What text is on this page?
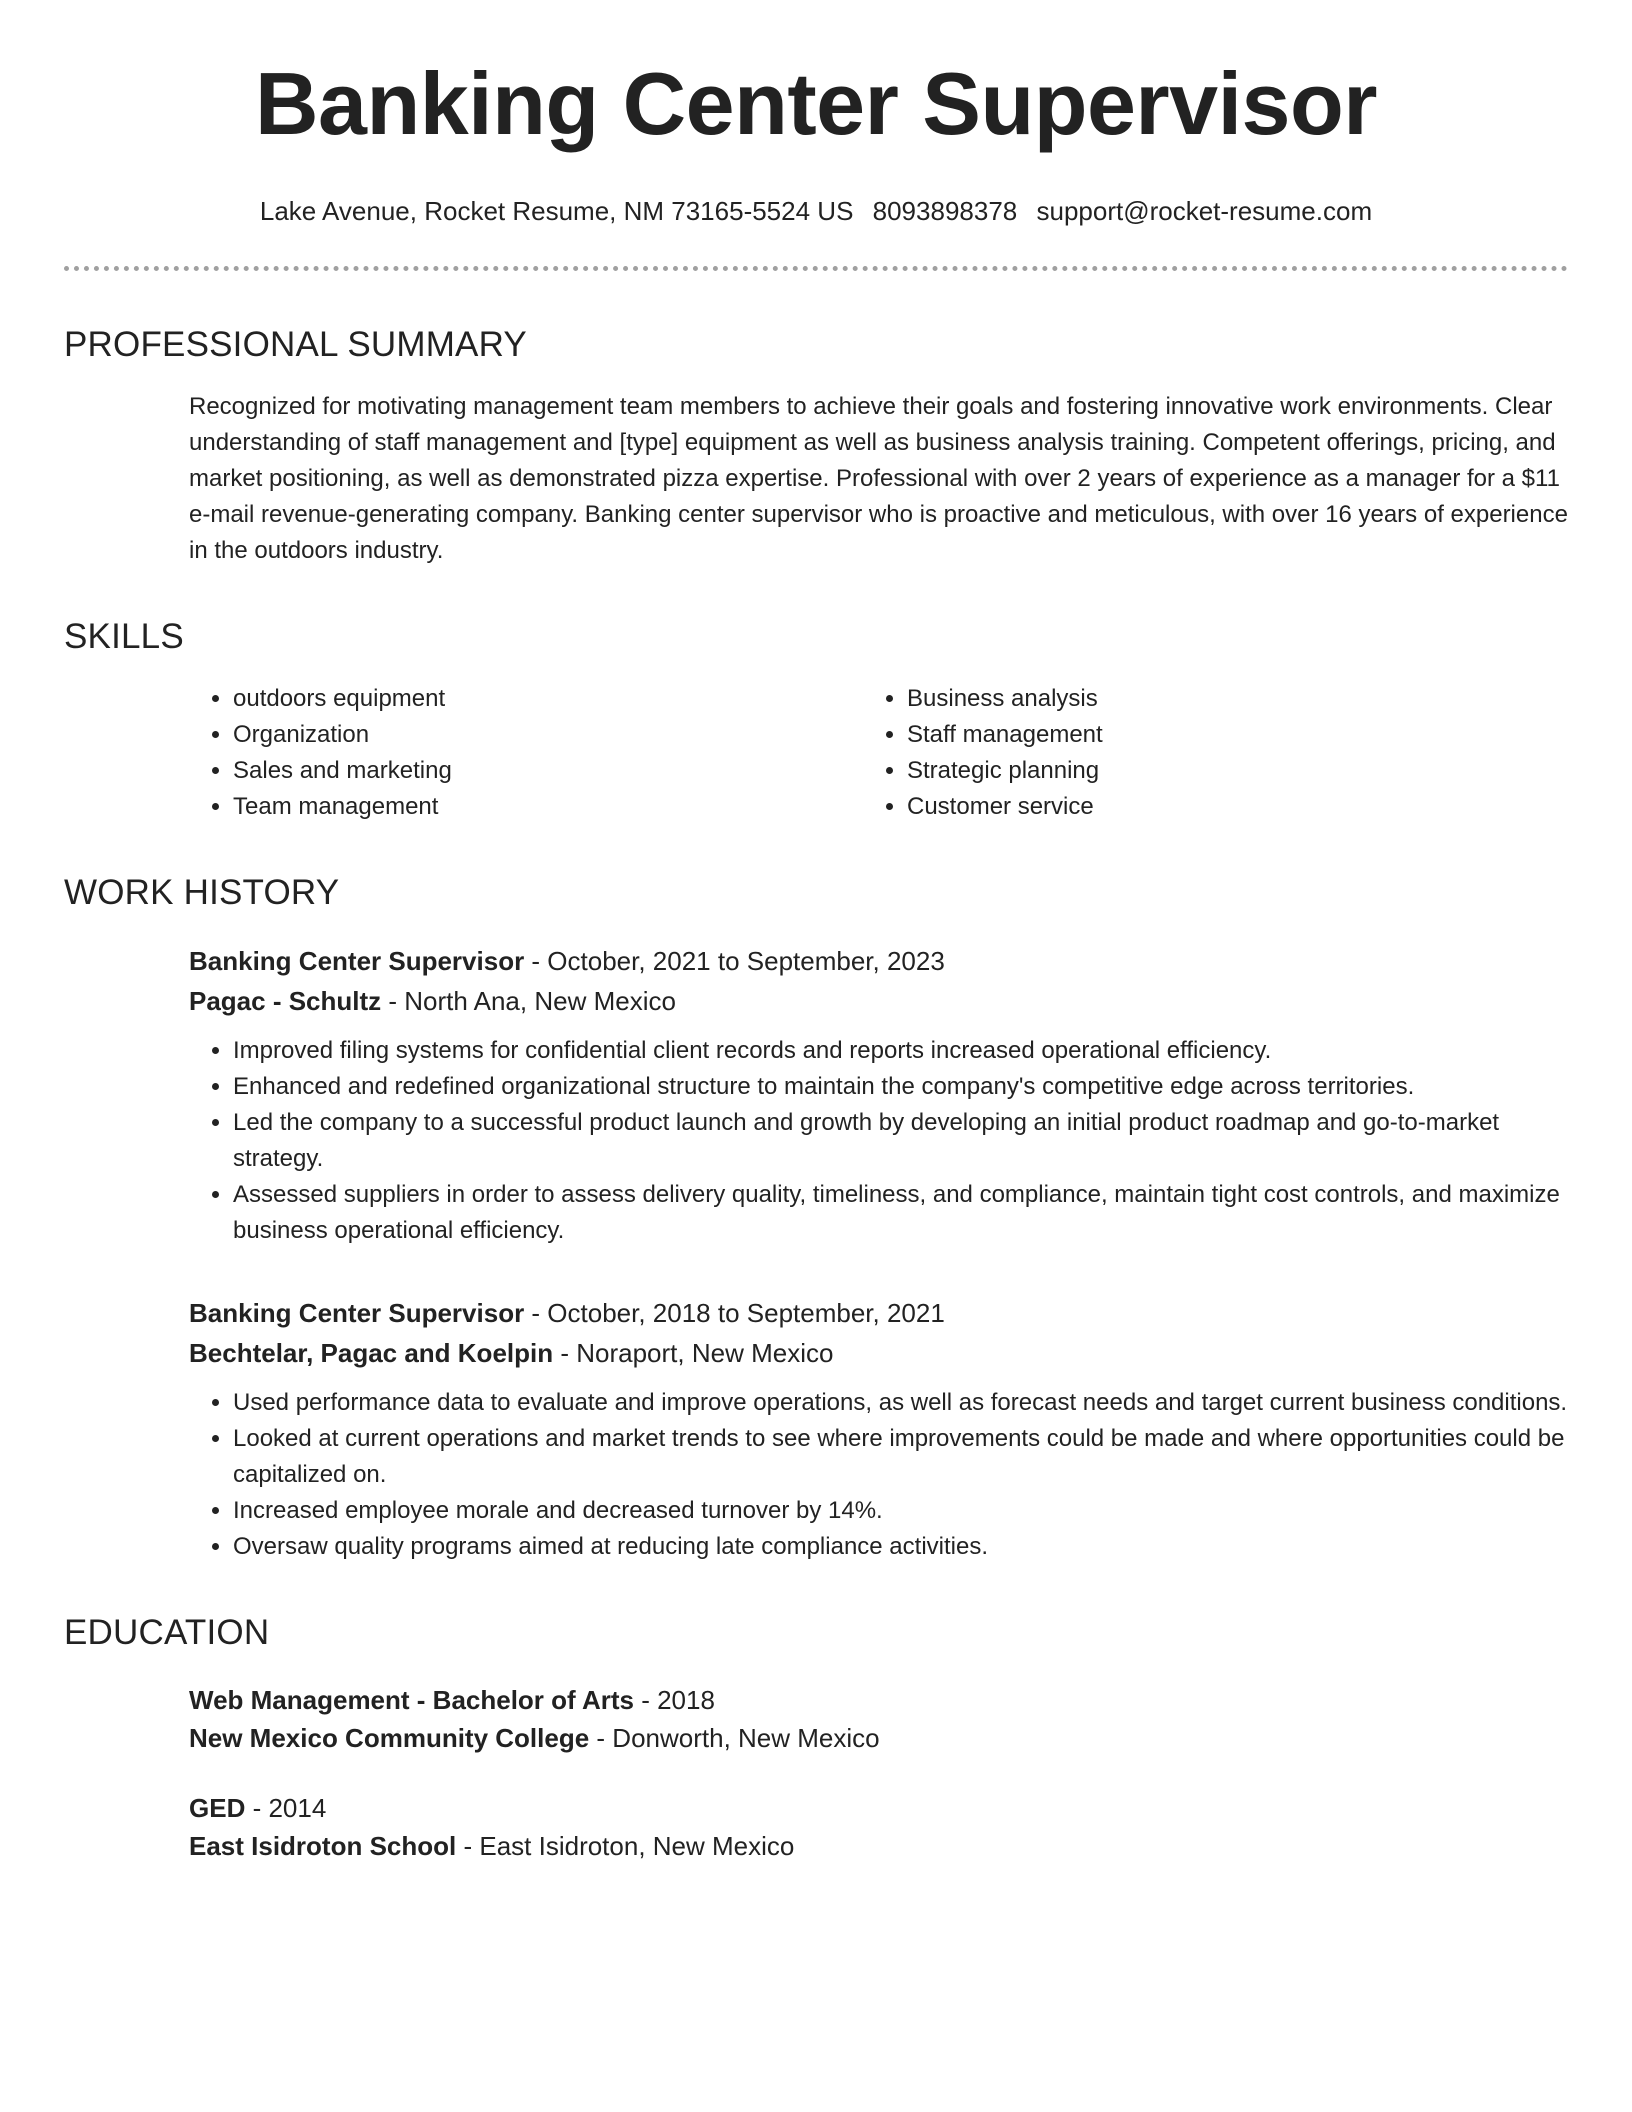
Banking Center Supervisor
Lake Avenue, Rocket Resume, NM 73165-5524 US 8093898378 support@rocket-resume.com
PROFESSIONAL SUMMARY

Recognized for motivating management team members to achieve their goals and fostering innovative work environments. Clear understanding of staff management and [type] equipment as well as business analysis training. Competent offerings, pricing, and market positioning, as well as demonstrated pizza expertise. Professional with over 2 years of experience as a manager for a $11 e-mail revenue-generating company. Banking center supervisor who is proactive and meticulous, with over 16 years of experience in the outdoors industry.

SKILLS
• outdoors equipment
• Organization
• Sales and marketing
• Team management
• Business analysis
• Staff management
• Strategic planning
• Customer service
WORK HISTORY
Banking Center Supervisor - October, 2021 to September, 2023
Pagac - Schultz - North Ana, New Mexico
• Improved filing systems for confidential client records and reports increased operational efficiency.
• Enhanced and redefined organizational structure to maintain the company's competitive edge across territories.
• Led the company to a successful product launch and growth by developing an initial product roadmap and go-to-market strategy.
• Assessed suppliers in order to assess delivery quality, timeliness, and compliance, maintain tight cost controls, and maximize business operational efficiency.
Banking Center Supervisor - October, 2018 to September, 2021
Bechtelar, Pagac and Koelpin - Noraport, New Mexico
• Used performance data to evaluate and improve operations, as well as forecast needs and target current business conditions.
• Looked at current operations and market trends to see where improvements could be made and where opportunities could be capitalized on.
• Increased employee morale and decreased turnover by 14%.
• Oversaw quality programs aimed at reducing late compliance activities.
EDUCATION
Web Management - Bachelor of Arts - 2018
New Mexico Community College - Donworth, New Mexico
GED - 2014
East Isidroton School - East Isidroton, New Mexico
